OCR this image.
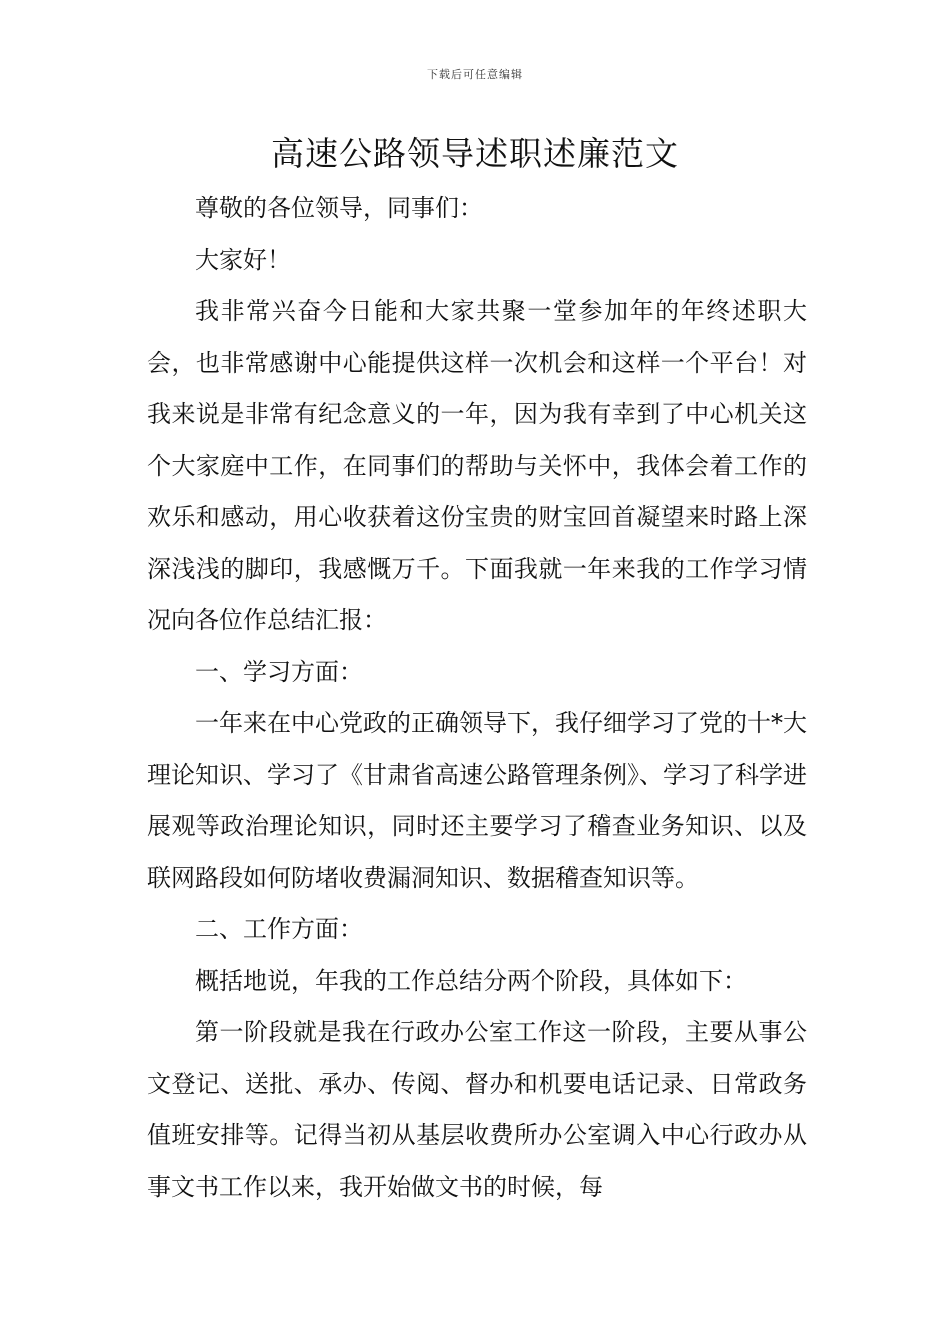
下载后可任意编辑
高速公路领导述职述廉范文

尊敬的各位领导，同事们：

大家好！

我非常兴奋今日能和大家共聚一堂参加年的年终述职大会，也非常感谢中心能提供这样一次机会和这样一个平台！对我来说是非常有纪念意义的一年，因为我有幸到了中心机关这个大家庭中工作，在同事们的帮助与关怀中，我体会着工作的欢乐和感动，用心收获着这份宝贵的财宝回首凝望来时路上深深浅浅的脚印，我感慨万千。下面我就一年来我的工作学习情况向各位作总结汇报：

一、学习方面：

一年来在中心党政的正确领导下，我仔细学习了党的十*大理论知识、学习了《甘肃省高速公路管理条例》、学习了科学进展观等政治理论知识，同时还主要学习了稽查业务知识、以及联网路段如何防堵收费漏洞知识、数据稽查知识等。

二、工作方面：

概括地说，年我的工作总结分两个阶段，具体如下：

第一阶段就是我在行政办公室工作这一阶段，主要从事公文登记、送批、承办、传阅、督办和机要电话记录、日常政务值班安排等。记得当初从基层收费所办公室调入中心行政办从事文书工作以来，我开始做文书的时候，每
